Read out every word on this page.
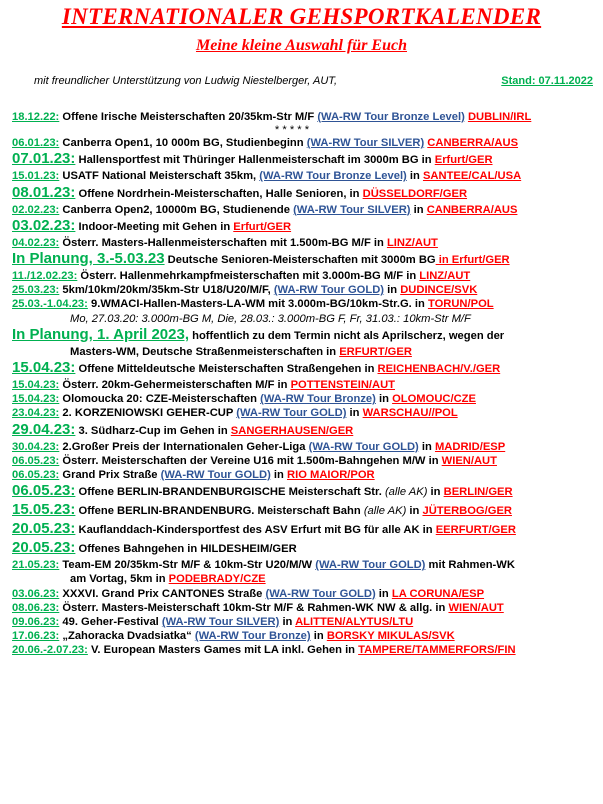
INTERNATIONALER GEHSPORTKALENDER
Meine kleine Auswahl für Euch
mit freundlicher Unterstützung von Ludwig Niestelberger, AUT,	Stand: 07.11.2022
18.12.22: Offene Irische Meisterschaften 20/35km-Str M/F (WA-RW Tour Bronze Level) DUBLIN/IRL
* * * * *
06.01.23: Canberra Open1, 10 000m BG, Studienbeginn (WA-RW Tour SILVER) CANBERRA/AUS
07.01.23: Hallensportfest mit Thüringer Hallenmeisterschaft im 3000m BG in Erfurt/GER
15.01.23: USATF National Meisterschaft 35km, (WA-RW Tour Bronze Level) in SANTEE/CAL/USA
08.01.23: Offene Nordrhein-Meisterschaften, Halle Senioren, in DÜSSELDORF/GER
02.02.23: Canberra Open2, 10000m BG, Studienende (WA-RW Tour SILVER) in CANBERRA/AUS
03.02.23: Indoor-Meeting mit Gehen in Erfurt/GER
04.02.23: Österr. Masters-Hallenmeisterschaften mit 1.500m-BG M/F in LINZ/AUT
In Planung, 3.-5.03.23 Deutsche Senioren-Meisterschaften mit 3000m BG in Erfurt/GER
11./12.02.23: Österr. Hallenmehrkampfmeisterschaften mit 3.000m-BG M/F in LINZ/AUT
25.03.23: 5km/10km/20km/35km-Str U18/U20/M/F, (WA-RW Tour GOLD) in DUDINCE/SVK
25.03.-1.04.23: 9.WMACI-Hallen-Masters-LA-WM mit 3.000m-BG/10km-Str.G. in TORUN/POL
Mo, 27.03.20: 3.000m-BG M, Die, 28.03.: 3.000m-BG F, Fr, 31.03.: 10km-Str M/F
In Planung, 1. April 2023, hoffentlich zu dem Termin nicht als Aprilscherz, wegen der
Masters-WM, Deutsche Straßenmeisterschaften in ERFURT/GER
15.04.23: Offene Mitteldeutsche Meisterschaften Straßengehen in REICHENBACH/V./GER
15.04.23: Österr. 20km-Gehermeisterschaften M/F in POTTENSTEIN/AUT
15.04.23: Olomoucka 20: CZE-Meisterschaften (WA-RW Tour Bronze) in OLOMOUC/CZE
23.04.23: 2. KORZENIOWSKI GEHER-CUP (WA-RW Tour GOLD) in WARSCHAU//POL
29.04.23: 3. Südharz-Cup im Gehen in SANGERHAUSEN/GER
30.04.23: 2.Großer Preis der Internationalen Geher-Liga (WA-RW Tour GOLD) in MADRID/ESP
06.05.23: Österr. Meisterschaften der Vereine U16 mit 1.500m-Bahngehen M/W in WIEN/AUT
06.05.23: Grand Prix Straße (WA-RW Tour GOLD) in RIO MAIOR/POR
06.05.23: Offene BERLIN-BRANDENBURGISCHE Meisterschaft Str. (alle AK) in BERLIN/GER
15.05.23: Offene BERLIN-BRANDENBURG. Meisterschaft Bahn (alle AK) in JÜTERBOG/GER
20.05.23: Kauflanddach-Kindersportfest des ASV Erfurt mit BG für alle AK in EERFURT/GER
20.05.23: Offenes Bahngehen in HILDESHEIM/GER
21.05.23: Team-EM 20/35km-Str M/F & 10km-Str U20/M/W (WA-RW Tour GOLD) mit Rahmen-WK
am Vortag, 5km in PODEBRADY/CZE
03.06.23: XXXVI. Grand Prix CANTONES Straße (WA-RW Tour GOLD) in LA CORUNA/ESP
08.06.23: Österr. Masters-Meisterschaft 10km-Str M/F & Rahmen-WK NW & allg. in WIEN/AUT
09.06.23: 49. Geher-Festival (WA-RW Tour SILVER) in ALITTEN/ALYTUS/LTU
17.06.23: „Zahoracka Dvadsiatka“ (WA-RW Tour Bronze) in BORSKY MIKULAS/SVK
20.06.-2.07.23: V. European Masters Games mit LA inkl. Gehen in TAMPERE/TAMMERFORS/FIN
